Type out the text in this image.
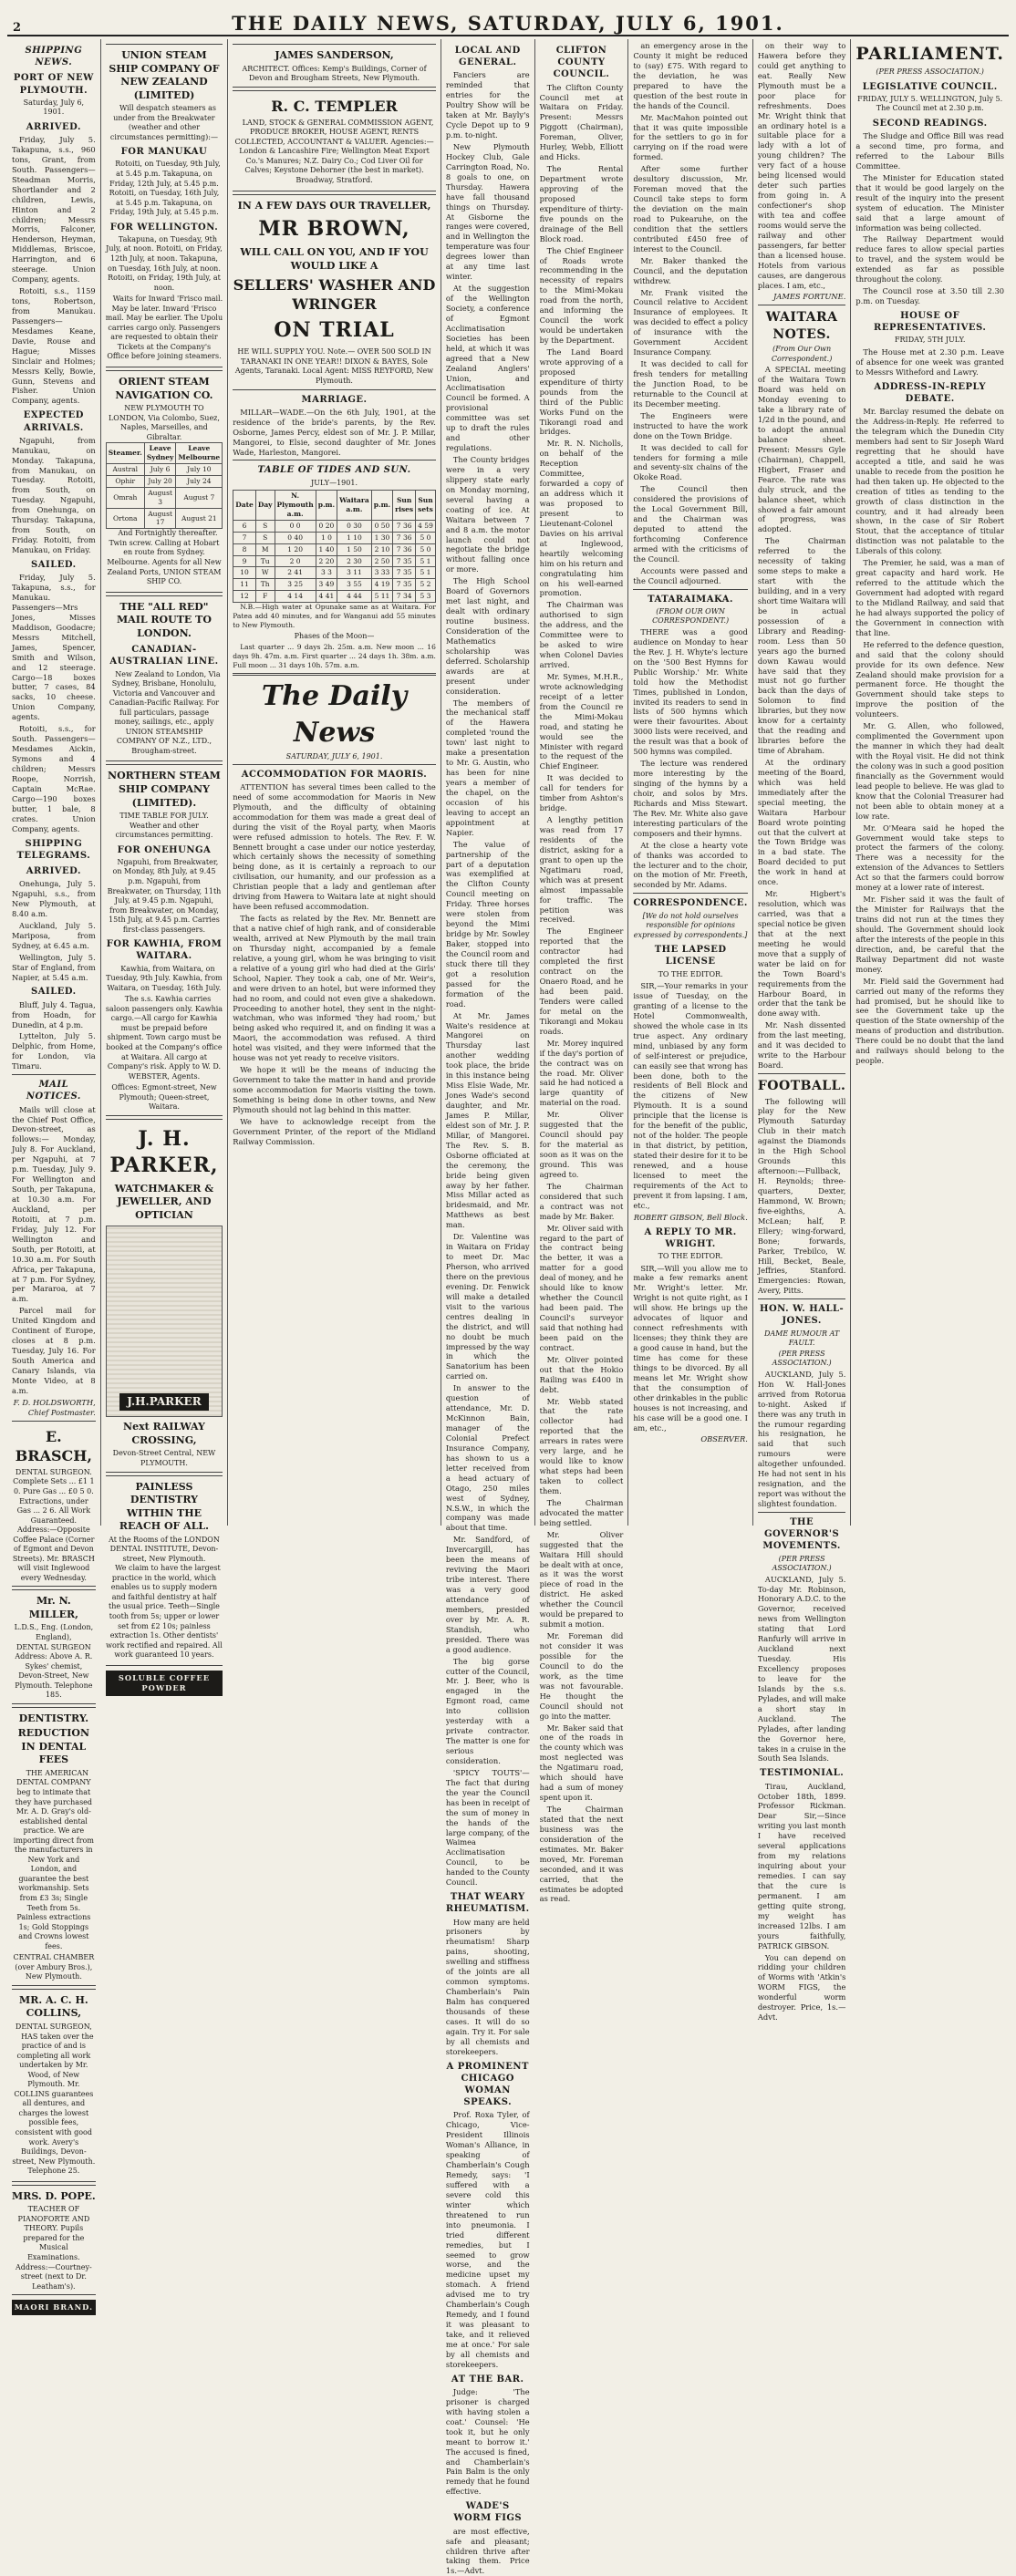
2	THE DAILY NEWS, SATURDAY, JULY 6, 1901.
SHIPPING NEWS.
PORT OF NEW PLYMOUTH.
Saturday, July 6, 1901.
ARRIVED.

Friday, July 5. Takapuna, s.s., 960 tons, Grant, from South. Passengers—Steadman Morris, Shortlander and 2 children, Lewis, Hinton and 2 children; Messrs Morris, Falconer, Henderson, Heyman, Middlemas, Briscoe, Harrington, and 6 steerage. Union Company, agents.

Rotoiti, s.s., 1159 tons, Robertson, from Manukau. Passengers—Mesdames Keane, Davie, Rouse and Hague; Misses Sinclair and Holmes; Messrs Kelly, Bowie, Gunn, Stevens and Fisher. Union Company, agents.

EXPECTED ARRIVALS.

Ngapuhi, from Manukau, on Monday. Takapuna, from Manukau, on Tuesday. Rotoiti, from South, on Tuesday. Ngapuhi, from Onehunga, on Thursday. Takapuna, from South, on Friday. Rotoiti, from Manukau, on Friday.

SAILED.

Friday, July 5. Takapuna, s.s., for Manukau. Passengers—Mrs Jones, Misses Maddison, Goodacre; Messrs Mitchell, James, Spencer, Smith and Wilson, and 12 steerage. Cargo—18 boxes butter, 7 cases, 84 sacks, 10 cheese. Union Company, agents.

Rotoiti, s.s., for South. Passengers—Mesdames Aickin, Symons and 4 children; Messrs Roope, Norrish, Captain McRae. Cargo—190 boxes butter, 1 bale, 8 crates. Union Company, agents.

SHIPPING TELEGRAMS.
ARRIVED.

Onehunga, July 5. Ngapuhi, s.s., from New Plymouth, at 8.40 a.m.

Auckland, July 5. Mariposa, from Sydney, at 6.45 a.m.

Wellington, July 5. Star of England, from Napier, at 5.45 a.m.

SAILED.

Bluff, July 4. Tagua, from Hoadn, for Dunedin, at 4 p.m.

Lyttelton, July 5. Delphic, from Home, for London, via Timaru.

MAIL NOTICES.

Mails will close at the Chief Post Office, Devon-street, as follows:— Monday, July 8. For Auckland, per Ngapuhi, at 7 p.m. Tuesday, July 9. For Wellington and South, per Takapuna, at 10.30 a.m. For Auckland, per Rotoiti, at 7 p.m. Friday, July 12. For Wellington and South, per Rotoiti, at 10.30 a.m. For South Africa, per Takapuna, at 7 p.m. For Sydney, per Mararoa, at 7 a.m.

Parcel mail for United Kingdom and Continent of Europe, closes at 8 p.m. Tuesday, July 16. For South America and Canary Islands, via Monte Video, at 8 a.m.

F. D. HOLDSWORTH, Chief Postmaster.
E. BRASCH,
DENTAL SURGEON.
Complete Sets ... £1 1 0. Pure Gas ... £0 5 0. Extractions, under Gas ... 2 6. All Work Guaranteed.
Address:—Opposite Coffee Palace (Corner of Egmont and Devon Streets). Mr. BRASCH will visit Inglewood every Wednesday.
Mr. N. MILLER,
L.D.S., Eng. (London, England),
DENTAL SURGEON
Address: Above A. R. Sykes' chemist, Devon-Street, New Plymouth. Telephone 185.
DENTISTRY.
REDUCTION IN DENTAL FEES

THE AMERICAN DENTAL COMPANY beg to intimate that they have purchased Mr. A. D. Gray's old-established dental practice. We are importing direct from the manufacturers in New York and London, and guarantee the best workmanship. Sets from £3 3s; Single Teeth from 5s. Painless extractions 1s; Gold Stoppings and Crowns lowest fees.

CENTRAL CHAMBER (over Ambury Bros.), New Plymouth.
MR. A. C. H. COLLINS,
DENTAL SURGEON,

HAS taken over the practice of and is completing all work undertaken by Mr. Wood, of New Plymouth. Mr. COLLINS guarantees all dentures, and charges the lowest possible fees, consistent with good work. Avery's Buildings, Devon-street, New Plymouth. Telephone 25.

MRS. D. POPE.
TEACHER OF PIANOFORTE AND THEORY. Pupils prepared for the Musical Examinations. Address:—Courtney-street (next to Dr. Leatham's).
MAORI BRAND.
UNION STEAM SHIP COMPANY OF NEW ZEALAND (LIMITED)

Will despatch steamers as under from the Breakwater (weather and other circumstances permitting):—

FOR MANUKAU

Rotoiti, on Tuesday, 9th July, at 5.45 p.m. Takapuna, on Friday, 12th July, at 5.45 p.m. Rotoiti, on Tuesday, 16th July, at 5.45 p.m. Takapuna, on Friday, 19th July, at 5.45 p.m.

FOR WELLINGTON.

Takapuna, on Tuesday, 9th July, at noon. Rotoiti, on Friday, 12th July, at noon. Takapuna, on Tuesday, 16th July, at noon. Rotoiti, on Friday, 19th July, at noon.

Waits for Inward 'Frisco mail. May be later. Inward 'Frisco mail. May be earlier. The Upolu carries cargo only. Passengers are requested to obtain their Tickets at the Company's Office before joining steamers.

ORIENT STEAM NAVIGATION CO.
NEW PLYMOUTH TO LONDON, Via Colombo, Suez, Naples, Marseilles, and Gibraltar.
Steamer.	Leave Sydney	Leave Melbourne
Austral	July 6	July 10
Ophir	July 20	July 24
Omrah	August 3	August 7
Ortona	August 17	August 21

And Fortnightly thereafter. Twin screw. Calling at Hobart en route from Sydney. Melbourne. Agents for all New Zealand Ports, UNION STEAM SHIP CO.

THE "ALL RED" MAIL ROUTE TO LONDON.
CANADIAN-AUSTRALIAN LINE.

New Zealand to London, Via Sydney, Brisbane, Honolulu, Victoria and Vancouver and Canadian-Pacific Railway. For full particulars, passage money, sailings, etc., apply UNION STEAMSHIP COMPANY OF N.Z., LTD., Brougham-street.

NORTHERN STEAM SHIP COMPANY (LIMITED).
TIME TABLE FOR JULY. Weather and other circumstances permitting.
FOR ONEHUNGA

Ngapuhi, from Breakwater, on Monday, 8th July, at 9.45 p.m. Ngapuhi, from Breakwater, on Thursday, 11th July, at 9.45 p.m. Ngapuhi, from Breakwater, on Monday, 15th July, at 9.45 p.m. Carries first-class passengers.

FOR KAWHIA, FROM WAITARA.

Kawhia, from Waitara, on Tuesday, 9th July. Kawhia, from Waitara, on Tuesday, 16th July.

The s.s. Kawhia carries saloon passengers only. Kawhia cargo.—All cargo for Kawhia must be prepaid before shipment. Town cargo must be booked at the Company's office at Waitara. All cargo at Company's risk. Apply to W. D. WEBSTER, Agents.

Offices: Egmont-street, New Plymouth; Queen-street, Waitara.
J. H. PARKER,
WATCHMAKER & JEWELLER, AND OPTICIAN
J.H.PARKER
Next RAILWAY CROSSING,
Devon-Street Central, NEW PLYMOUTH.
PAINLESS DENTISTRY WITHIN THE REACH OF ALL.
At the Rooms of the LONDON DENTAL INSTITUTE, Devon-street, New Plymouth.

We claim to have the largest practice in the world, which enables us to supply modern and faithful dentistry at half the usual price. Teeth—Single tooth from 5s; upper or lower set from £2 10s; painless extraction 1s. Other dentists' work rectified and repaired. All work guaranteed 10 years.

SOLUBLE COFFEE POWDER
JAMES SANDERSON,
ARCHITECT. Offices: Kemp's Buildings, Corner of Devon and Brougham Streets, New Plymouth.
R. C. TEMPLER

LAND, STOCK & GENERAL COMMISSION AGENT, PRODUCE BROKER, HOUSE AGENT, RENTS COLLECTED, ACCOUNTANT & VALUER. Agencies:— London & Lancashire Fire; Wellington Meat Export Co.'s Manures; N.Z. Dairy Co.; Cod Liver Oil for Calves; Keystone Dehorner (the best in market). Broadway, Stratford.

IN A FEW DAYS OUR TRAVELLER,
MR BROWN,
WILL CALL ON YOU, AND IF YOU WOULD LIKE A
SELLERS' WASHER AND WRINGER
ON TRIAL
HE WILL SUPPLY YOU. Note.— OVER 500 SOLD IN TARANAKI IN ONE YEAR!! DIXON & BAYES, Sole Agents, Taranaki. Local Agent: MISS REYFORD, New Plymouth.
MARRIAGE.

MILLAR—WADE.—On the 6th July, 1901, at the residence of the bride's parents, by the Rev. Osborne, James Percy, eldest son of Mr. J. P. Millar, Mangorei, to Elsie, second daughter of Mr. Jones Wade, Harleston, Mangorei.

TABLE OF TIDES AND SUN.
JULY—1901.
Date	Day	N. Plymouth a.m.	p.m.	Waitara a.m.	p.m.	Sun rises	Sun sets
6	S	0 0	0 20	0 30	0 50	7 36	4 59
7	S	0 40	1 0	1 10	1 30	7 36	5 0
8	M	1 20	1 40	1 50	2 10	7 36	5 0
9	Tu	2 0	2 20	2 30	2 50	7 35	5 1
10	W	2 41	3 3	3 11	3 33	7 35	5 1
11	Th	3 25	3 49	3 55	4 19	7 35	5 2
12	F	4 14	4 41	4 44	5 11	7 34	5 3

N.B.—High water at Opunake same as at Waitara. For Patea add 40 minutes, and for Wanganui add 55 minutes to New Plymouth.

Phases of the Moon—

Last quarter ... 9 days 2h. 25m. a.m. New moon ... 16 days 9h. 47m. a.m. First quarter ... 24 days 1h. 38m. a.m. Full moon ... 31 days 10h. 57m. a.m.

The Daily News
SATURDAY, JULY 6, 1901.
ACCOMMODATION FOR MAORIS.

ATTENTION has several times been called to the need of some accommodation for Maoris in New Plymouth, and the difficulty of obtaining accommodation for them was made a great deal of during the visit of the Royal party, when Maoris were refused admission to hotels. The Rev. F. W. Bennett brought a case under our notice yesterday, which certainly shows the necessity of something being done, as it is certainly a reproach to our civilisation, our humanity, and our profession as a Christian people that a lady and gentleman after driving from Hawera to Waitara late at night should have been refused accommodation.

The facts as related by the Rev. Mr. Bennett are that a native chief of high rank, and of considerable wealth, arrived at New Plymouth by the mail train on Thursday night, accompanied by a female relative, a young girl, whom he was bringing to visit a relative of a young girl who had died at the Girls' School, Napier. They took a cab, one of Mr. Weir's, and were driven to an hotel, but were informed they had no room, and could not even give a shakedown. Proceeding to another hotel, they sent in the night-watchman, who was informed 'they had room,' but being asked who required it, and on finding it was a Maori, the accommodation was refused. A third hotel was visited, and they were informed that the house was not yet ready to receive visitors.

We hope it will be the means of inducing the Government to take the matter in hand and provide some accommodation for Maoris visiting the town. Something is being done in other towns, and New Plymouth should not lag behind in this matter.

We have to acknowledge receipt from the Government Printer, of the report of the Midland Railway Commission.

LOCAL AND GENERAL.

Fanciers are reminded that entries for the Poultry Show will be taken at Mr. Bayly's Cycle Depot up to 9 p.m. to-night.

New Plymouth Hockey Club, Gale Carrington Road, No. 8 goals to one, on Thursday. Hawera have fall thousand things on Thursday. At Gisborne the ranges were covered, and in Wellington the temperature was four degrees lower than at any time last winter.

At the suggestion of the Wellington Society, a conference of Egmont Acclimatisation Societies has been held, at which it was agreed that a New Zealand Anglers' Union, and Acclimatisation Council be formed. A provisional committee was set up to draft the rules and other regulations.

The County bridges were in a very slippery state early on Monday morning, several having a coating of ice. At Waitara between 7 and 8 a.m. the motor launch could not negotiate the bridge without falling once or more.

The High School Board of Governors met last night, and dealt with ordinary routine business. Consideration of the Mathematics scholarship was deferred. Scholarship awards are at present under consideration.

The members of the mechanical staff of the Hawera completed 'round the town' last night to make a presentation to Mr. G. Austin, who has been for nine years a member of the chapel, on the occasion of his leaving to accept an appointment at Napier.

The value of partnership of the part of a deputation was exemplified at the Clifton County Council meeting on Friday. Three horses were stolen from beyond the Mimi bridge by Mr. Sowley Baker, stopped into the Council room and stuck there till they got a resolution passed for the formation of the road.

At Mr. James Waite's residence at Mangorei on Thursday last another wedding took place, the bride in this instance being Miss Elsie Wade, Mr. Jones Wade's second daughter, and Mr. James P. Millar, eldest son of Mr. J. P. Millar, of Mangorei. The Rev. S. B. Osborne officiated at the ceremony, the bride being given away by her father. Miss Millar acted as bridesmaid, and Mr. Matthews as best man.

Dr. Valentine was in Waitara on Friday to meet Dr. Mac Pherson, who arrived there on the previous evening. Dr. Fenwick will make a detailed visit to the various centres dealing in the district, and will no doubt be much impressed by the way in which the Sanatorium has been carried on.

In answer to the question of attendance, Mr. D. McKinnon Bain, manager of the Colonial Prefect Insurance Company, has shown to us a letter received from a head actuary of Otago, 250 miles west of Sydney, N.S.W., in which the company was made about that time.

Mr. Sandford, of Invercargill, has been the means of reviving the Maori tribe interest. There was a very good attendance of members, presided over by Mr. A. R. Standish, who presided. There was a good audience.

The big gorse cutter of the Council, Mr. J. Beer, who is engaged in the Egmont road, came into collision yesterday with a private contractor. The matter is one for serious consideration.

'SPICY TOUTS'—The fact that during the year the Council has been in receipt of the sum of money in the hands of the large company, of the Waimea Acclimatisation Council, to be handed to the County Council.

THAT WEARY RHEUMATISM.

How many are held prisoners by rheumatism! Sharp pains, shooting, swelling and stiffness of the joints are all common symptoms. Chamberlain's Pain Balm has conquered thousands of these cases. It will do so again. Try it. For sale by all chemists and storekeepers.

A PROMINENT CHICAGO WOMAN SPEAKS.

Prof. Roxa Tyler, of Chicago, Vice-President Illinois Woman's Alliance, in speaking of Chamberlain's Cough Remedy, says: 'I suffered with a severe cold this winter which threatened to run into pneumonia. I tried different remedies, but I seemed to grow worse, and the medicine upset my stomach. A friend advised me to try Chamberlain's Cough Remedy, and I found it was pleasant to take, and it relieved me at once.' For sale by all chemists and storekeepers.

AT THE BAR.

Judge: 'The prisoner is charged with having stolen a coat.' Counsel: 'He took it, but he only meant to borrow it.' The accused is fined, and Chamberlain's Pain Balm is the only remedy that he found effective.

WADE'S WORM FIGS

are most effective, safe and pleasant; children thrive after taking them. Price 1s.—Advt.

CLIFTON COUNTY COUNCIL.

The Clifton County Council met at Waitara on Friday. Present: Messrs Piggott (Chairman), Foreman, Oliver, Hurley, Webb, Elliott and Hicks.

The Rental Department wrote approving of the proposed expenditure of thirty-five pounds on the drainage of the Bell Block road.

The Chief Engineer of Roads wrote recommending in the necessity of repairs to the Mimi-Mokau road from the north, and informing the Council the work would be undertaken by the Department.

The Land Board wrote approving of a proposed expenditure of thirty pounds from the third of the Public Works Fund on the Tikorangi road and bridges.

Mr. R. N. Nicholls, on behalf of the Reception Committee, forwarded a copy of an address which it was proposed to present to Lieutenant-Colonel Davies on his arrival at Inglewood, heartily welcoming him on his return and congratulating him on his well-earned promotion.

The Chairman was authorised to sign the address, and the Committee were to be asked to wire when Colonel Davies arrived.

Mr. Symes, M.H.R., wrote acknowledging receipt of a letter from the Council re the Mimi-Mokau road, and stating he would see the Minister with regard to the request of the Chief Engineer.

It was decided to call for tenders for timber from Ashton's bridge.

A lengthy petition was read from 17 residents of the district, asking for a grant to open up the Ngatimaru road, which was at present almost impassable for traffic. The petition was received.

The Engineer reported that the contractor had completed the first contract on the Onaero Road, and he had been paid. Tenders were called for metal on the Tikorangi and Mokau roads.

Mr. Morey inquired if the day's portion of the contract was on the road. Mr. Oliver said he had noticed a large quantity of material on the road.

Mr. Oliver suggested that the Council should pay for the material as soon as it was on the ground. This was agreed to.

The Chairman considered that such a contract was not made by Mr. Baker.

Mr. Oliver said with regard to the part of the contract being the better, it was a matter for a good deal of money, and he should like to know whether the Council had been paid. The Council's surveyor said that nothing had been paid on the contract.

Mr. Oliver pointed out that the Hokio Railing was £400 in debt.

Mr. Webb stated that the rate collector had reported that the arrears in rates were very large, and he would like to know what steps had been taken to collect them.

The Chairman advocated the matter being settled.

Mr. Oliver suggested that the Waitara Hill should be dealt with at once, as it was the worst piece of road in the district. He asked whether the Council would be prepared to submit a motion.

Mr. Foreman did not consider it was possible for the Council to do the work, as the time was not favourable. He thought the Council should not go into the matter.

Mr. Baker said that one of the roads in the county which was most neglected was the Ngatimaru road, which should have had a sum of money spent upon it.

The Chairman stated that the next business was the consideration of the estimates. Mr. Baker moved, Mr. Foreman seconded, and it was carried, that the estimates be adopted as read.

an emergency arose in the County it might be reduced to (say) £75. With regard to the deviation, he was prepared to have the question of the best route in the hands of the Council.

Mr. MacMahon pointed out that it was quite impossible for the settlers to go in for carrying on if the road were formed.

After some further desultory discussion, Mr. Foreman moved that the Council take steps to form the deviation on the main road to Pukearuhe, on the condition that the settlers contributed £450 free of interest to the Council.

Mr. Baker thanked the Council, and the deputation withdrew.

Mr. Frank visited the Council relative to Accident Insurance of employees. It was decided to effect a policy of insurance with the Government Accident Insurance Company.

It was decided to call for fresh tenders for metalling the Junction Road, to be returnable to the Council at its December meeting.

The Engineers were instructed to have the work done on the Town Bridge.

It was decided to call for tenders for forming a mile and seventy-six chains of the Okoke Road.

The Council then considered the provisions of the Local Government Bill, and the Chairman was deputed to attend the forthcoming Conference armed with the criticisms of the Council.

Accounts were passed and the Council adjourned.

TATARAIMAKA.
(FROM OUR OWN CORRESPONDENT.)

THERE was a good audience on Monday to hear the Rev. J. H. Whyte's lecture on the '500 Best Hymns for Public Worship.' Mr. White told how the Methodist Times, published in London, invited its readers to send in lists of 500 hymns which were their favourites. About 3000 lists were received, and the result was that a book of 500 hymns was compiled.

The lecture was rendered more interesting by the singing of the hymns by a choir, and solos by Mrs. Richards and Miss Stewart. The Rev. Mr. White also gave interesting particulars of the composers and their hymns.

At the close a hearty vote of thanks was accorded to the lecturer and to the choir, on the motion of Mr. Freeth, seconded by Mr. Adams.

CORRESPONDENCE.
[We do not hold ourselves responsible for opinions expressed by correspondents.]
THE LAPSED LICENSE
TO THE EDITOR.

SIR,—Your remarks in your issue of Tuesday, on the granting of a license to the Hotel Commonwealth, showed the whole case in its true aspect. Any ordinary mind, unbiased by any form of self-interest or prejudice, can easily see that wrong has been done, both to the residents of Bell Block and the citizens of New Plymouth. It is a sound principle that the license is for the benefit of the public, not of the holder. The people in that district, by petition, stated their desire for it to be renewed, and a house licensed to meet the requirements of the Act to prevent it from lapsing. I am, etc.,

ROBERT GIBSON, Bell Block.
A REPLY TO MR. WRIGHT.
TO THE EDITOR.

SIR,—Will you allow me to make a few remarks anent Mr. Wright's letter. Mr. Wright is not quite right, as I will show. He brings up the advocates of liquor and connect refreshments with licenses; they think they are a good cause in hand, but the time has come for these things to be divorced. By all means let Mr. Wright show that the consumption of other drinkables in the public houses is not increasing, and his case will be a good one. I am, etc.,

OBSERVER.

on their way to Hawera before they could get anything to eat. Really New Plymouth must be a poor place for refreshments. Does Mr. Wright think that an ordinary hotel is a suitable place for a lady with a lot of young children? The very fact of a house being licensed would deter such parties from going in. A confectioner's shop with tea and coffee rooms would serve the railway and other passengers, far better than a licensed house. Hotels from various causes, are dangerous places. I am, etc.,

JAMES FORTUNE.
WAITARA NOTES.
(From Our Own Correspondent.)

A SPECIAL meeting of the Waitara Town Board was held on Monday evening to take a library rate of 1/2d in the pound, and to adopt the annual balance sheet. Present: Messrs Gyle (Chairman), Chappell, Higbert, Fraser and Fearce. The rate was duly struck, and the balance sheet, which showed a fair amount of progress, was adopted.

The Chairman referred to the necessity of taking some steps to make a start with the building, and in a very short time Waitara will be in actual possession of a Library and Reading-room. Less than 50 years ago the burned down Kawau would have said that they must not go further back than the days of Solomon to find libraries, but they now know for a certainty that the reading and libraries before the time of Abraham.

At the ordinary meeting of the Board, which was held immediately after the special meeting, the Waitara Harbour Board wrote pointing out that the culvert at the Town Bridge was in a bad state. The Board decided to put the work in hand at once.

Mr. Higbert's resolution, which was carried, was that a special notice be given that at the next meeting he would move that a supply of water be laid on for the Town Board's requirements from the Harbour Board, in order that the tank be done away with.

Mr. Nash dissented from the last meeting, and it was decided to write to the Harbour Board.

FOOTBALL.

The following will play for the New Plymouth Saturday Club in their match against the Diamonds in the High School Grounds this afternoon:—Fullback, H. Reynolds; three-quarters, Dexter, Hammond, W. Brown; five-eighths, A. McLean; half, P. Ellery; wing-forward, Bone; forwards, Parker, Trebilco, W. Hill, Becket, Beale, Jeffries, Stanford. Emergencies: Rowan, Avery, Pitts.

HON. W. HALL-JONES.
DAME RUMOUR AT FAULT.
(PER PRESS ASSOCIATION.)

AUCKLAND, July 5. Hon W. Hall-Jones arrived from Rotorua to-night. Asked if there was any truth in the rumour regarding his resignation, he said that such rumours were altogether unfounded. He had not sent in his resignation, and the report was without the slightest foundation.

THE GOVERNOR'S MOVEMENTS.
(PER PRESS ASSOCIATION.)

AUCKLAND, July 5. To-day Mr. Robinson, Honorary A.D.C. to the Governor, received news from Wellington stating that Lord Ranfurly will arrive in Auckland next Tuesday. His Excellency proposes to leave for the Islands by the s.s. Pylades, and will make a short stay in Auckland. The Pylades, after landing the Governor here, takes in a cruise in the South Sea Islands.

TESTIMONIAL.

Tirau, Auckland, October 18th, 1899. Professor Rickman. Dear Sir,—Since writing you last month I have received several applications from my relations inquiring about your remedies. I can say that the cure is permanent. I am getting quite strong, my weight has increased 12lbs. I am yours faithfully, PATRICK GIBSON.

You can depend on ridding your children of Worms with 'Atkin's WORM FIGS, the wonderful worm destroyer. Price, 1s.—Advt.

PARLIAMENT.
(PER PRESS ASSOCIATION.)
LEGISLATIVE COUNCIL.
FRIDAY, JULY 5. WELLINGTON, July 5. The Council met at 2.30 p.m.
SECOND READINGS.

The Sludge and Office Bill was read a second time, pro forma, and referred to the Labour Bills Committee.

The Minister for Education stated that it would be good largely on the result of the inquiry into the present system of education. The Minister said that a large amount of information was being collected.

The Railway Department would reduce fares to allow special parties to travel, and the system would be extended as far as possible throughout the colony.

The Council rose at 3.50 till 2.30 p.m. on Tuesday.

HOUSE OF REPRESENTATIVES.
FRIDAY, 5TH JULY.

The House met at 2.30 p.m. Leave of absence for one week was granted to Messrs Witheford and Lawry.

ADDRESS-IN-REPLY DEBATE.

Mr. Barclay resumed the debate on the Address-in-Reply. He referred to the telegram which the Dunedin City members had sent to Sir Joseph Ward regretting that he should have accepted a title, and said he was unable to recede from the position he had then taken up. He objected to the creation of titles as tending to the growth of class distinction in the country, and it had already been shown, in the case of Sir Robert Stout, that the acceptance of titular distinction was not palatable to the Liberals of this colony.

The Premier, he said, was a man of great capacity and hard work. He referred to the attitude which the Government had adopted with regard to the Midland Railway, and said that he had always supported the policy of the Government in connection with that line.

He referred to the defence question, and said that the colony should provide for its own defence. New Zealand should make provision for a permanent force. He thought the Government should take steps to improve the position of the volunteers.

Mr. G. Allen, who followed, complimented the Government upon the manner in which they had dealt with the Royal visit. He did not think the colony was in such a good position financially as the Government would lead people to believe. He was glad to know that the Colonial Treasurer had not been able to obtain money at a low rate.

Mr. O'Meara said he hoped the Government would take steps to protect the farmers of the colony. There was a necessity for the extension of the Advances to Settlers Act so that the farmers could borrow money at a lower rate of interest.

Mr. Fisher said it was the fault of the Minister for Railways that the trains did not run at the times they should. The Government should look after the interests of the people in this direction, and, be careful that the Railway Department did not waste money.

Mr. Field said the Government had carried out many of the reforms they had promised, but he should like to see the Government take up the question of the State ownership of the means of production and distribution. There could be no doubt that the land and railways should belong to the people.
